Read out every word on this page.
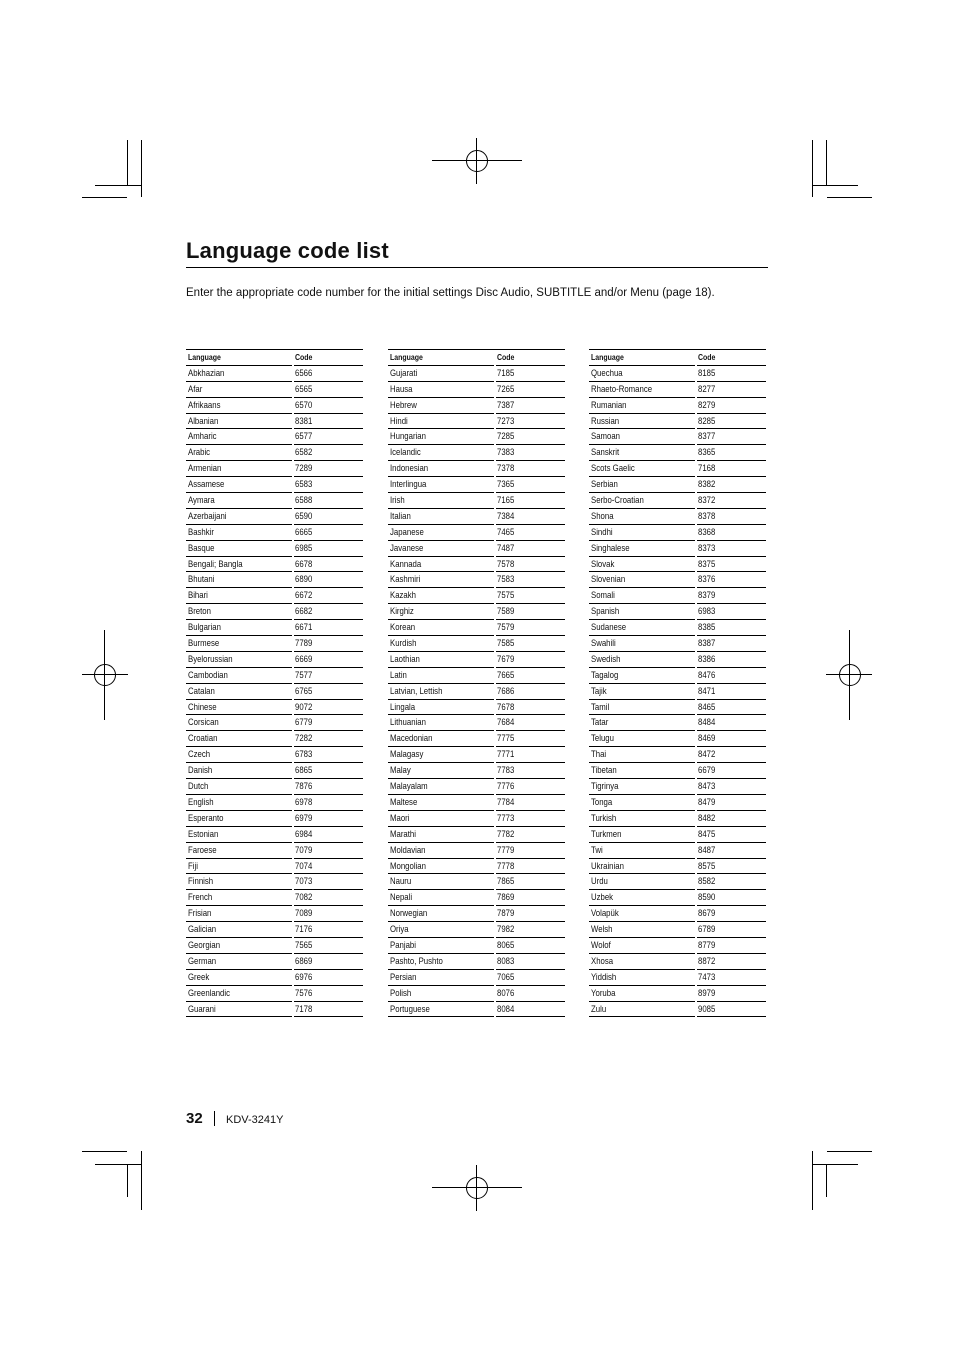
Language code list

Enter the appropriate code number for the initial settings Disc Audio, SUBTITLE and/or Menu (page 18).

Language	Code
Abkhazian	6566
Afar	6565
Afrikaans	6570
Albanian	8381
Amharic	6577
Arabic	6582
Armenian	7289
Assamese	6583
Aymara	6588
Azerbaijani	6590
Bashkir	6665
Basque	6985
Bengali; Bangla	6678
Bhutani	6890
Bihari	6672
Breton	6682
Bulgarian	6671
Burmese	7789
Byelorussian	6669
Cambodian	7577
Catalan	6765
Chinese	9072
Corsican	6779
Croatian	7282
Czech	6783
Danish	6865
Dutch	7876
English	6978
Esperanto	6979
Estonian	6984
Faroese	7079
Fiji	7074
Finnish	7073
French	7082
Frisian	7089
Galician	7176
Georgian	7565
German	6869
Greek	6976
Greenlandic	7576
Guarani	7178
Language	Code
Gujarati	7185
Hausa	7265
Hebrew	7387
Hindi	7273
Hungarian	7285
Icelandic	7383
Indonesian	7378
Interlingua	7365
Irish	7165
Italian	7384
Japanese	7465
Javanese	7487
Kannada	7578
Kashmiri	7583
Kazakh	7575
Kirghiz	7589
Korean	7579
Kurdish	7585
Laothian	7679
Latin	7665
Latvian, Lettish	7686
Lingala	7678
Lithuanian	7684
Macedonian	7775
Malagasy	7771
Malay	7783
Malayalam	7776
Maltese	7784
Maori	7773
Marathi	7782
Moldavian	7779
Mongolian	7778
Nauru	7865
Nepali	7869
Norwegian	7879
Oriya	7982
Panjabi	8065
Pashto, Pushto	8083
Persian	7065
Polish	8076
Portuguese	8084
Language	Code
Quechua	8185
Rhaeto-Romance	8277
Rumanian	8279
Russian	8285
Samoan	8377
Sanskrit	8365
Scots Gaelic	7168
Serbian	8382
Serbo-Croatian	8372
Shona	8378
Sindhi	8368
Singhalese	8373
Slovak	8375
Slovenian	8376
Somali	8379
Spanish	6983
Sudanese	8385
Swahili	8387
Swedish	8386
Tagalog	8476
Tajik	8471
Tamil	8465
Tatar	8484
Telugu	8469
Thai	8472
Tibetan	6679
Tigrinya	8473
Tonga	8479
Turkish	8482
Turkmen	8475
Twi	8487
Ukrainian	8575
Urdu	8582
Uzbek	8590
Volapük	8679
Welsh	6789
Wolof	8779
Xhosa	8872
Yiddish	7473
Yoruba	8979
Zulu	9085
32 KDV-3241Y
